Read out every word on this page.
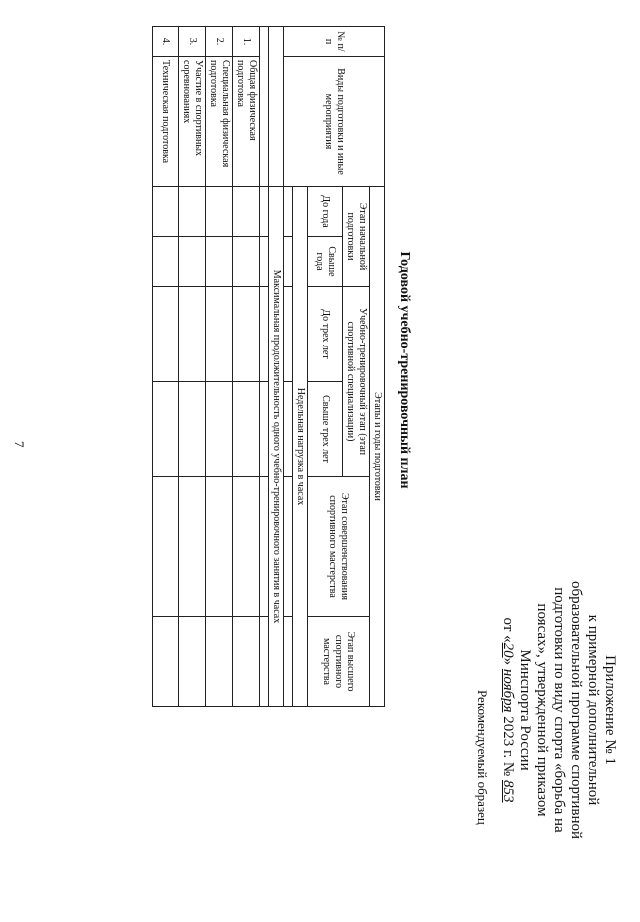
7
Приложение № 1
к примерной дополнительной
образовательной программе спортивной
подготовки по виду спорта «борьба на
поясах», утвержденной приказом
Минспорта России
от «20» ноября 2023 г. № 853
Рекомендуемый образец
Годовой учебно-тренировочный план
№ п/п	Виды подготовки и иные мероприятия	Этапы и годы подготовки					
		Этап начальной подготовки		Учебно-тренировочный этап (этап спортивной специализации)		Этап совершенствования спортивного мастерства	Этап высшего спортивного мастерства
		До года	Свыше года	До трех лет	Свыше трех лет		
		Недельная нагрузка в часах					

		Максимальная продолжительность одного учебно-тренировочного занятия в часах					

1.	Общая физическая подготовка						
2.	Специальная физическая подготовка						
3.	Участие в спортивных соревнованиях						
4.	Техническая подготовка						
